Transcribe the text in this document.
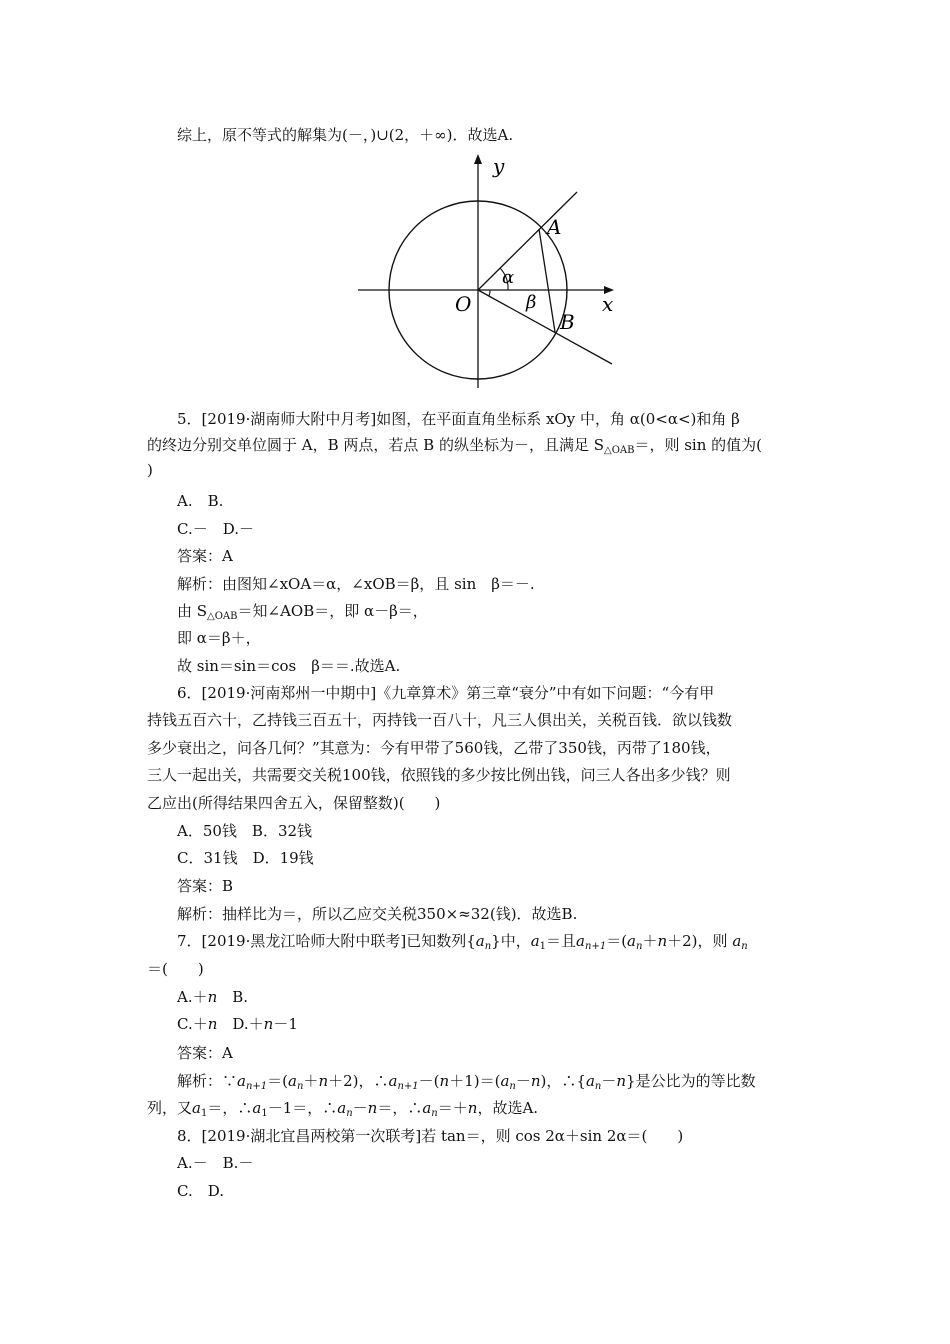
综上，原不等式的解集为(－，)∪(2，＋∞)．故选A.

y
x
O
A
B
α
β

5．[2019·湖南师大附中月考]如图，在平面直角坐标系 xOy 中，角 α(0<α<)和角 β

的终边分别交单位圆于 A，B 两点，若点 B 的纵坐标为－，且满足 $S_{\triangle OAB}=$，则 sin 的值为(

)

A.　B.

C.－　D.－

答案：A

解析：由图知∠xOA＝α，∠xOB＝β，且 sin　β＝－.

由 $S_{\triangle OAB}=$知∠AOB＝，即 α－β＝，

即 α＝β＋，

故 sin＝sin＝cos　β＝＝.故选A.

6．[2019·河南郑州一中期中]《九章算术》第三章“衰分”中有如下问题：“今有甲

持钱五百六十，乙持钱三百五十，丙持钱一百八十，凡三人俱出关，关税百钱．欲以钱数

多少衰出之，问各几何？”其意为：今有甲带了560钱，乙带了350钱，丙带了180钱，

三人一起出关，共需要交关税100钱，依照钱的多少按比例出钱，问三人各出多少钱？则

乙应出(所得结果四舍五入，保留整数)(　　)

A．50钱　B．32钱

C．31钱　D．19钱

答案：B

解析：抽样比为＝，所以乙应交关税350×≈32(钱)．故选B.

7．[2019·黑龙江哈师大附中联考]已知数列$\{a_n\}$中，$a_1=$且$a_{n+1}=(a_n+n+2)$，则 $a_n$

＝(　　)

A.＋n　B.

C.＋n　D.＋n－1

答案：A

解析：$\because a_{n+1}=(a_n+n+2)$，$\therefore a_{n+1}-(n+1)=(a_n-n)$，$\therefore\{a_n-n\}$是公比为的等比数

列，又$a_1=$，$\therefore a_1-1=$，$\therefore a_n-n=$，$\therefore a_n=+n$，故选A.

8．[2019·湖北宜昌两校第一次联考]若 tan＝，则 cos 2α＋sin 2α＝(　　)

A.－　B.－

C.　D.
